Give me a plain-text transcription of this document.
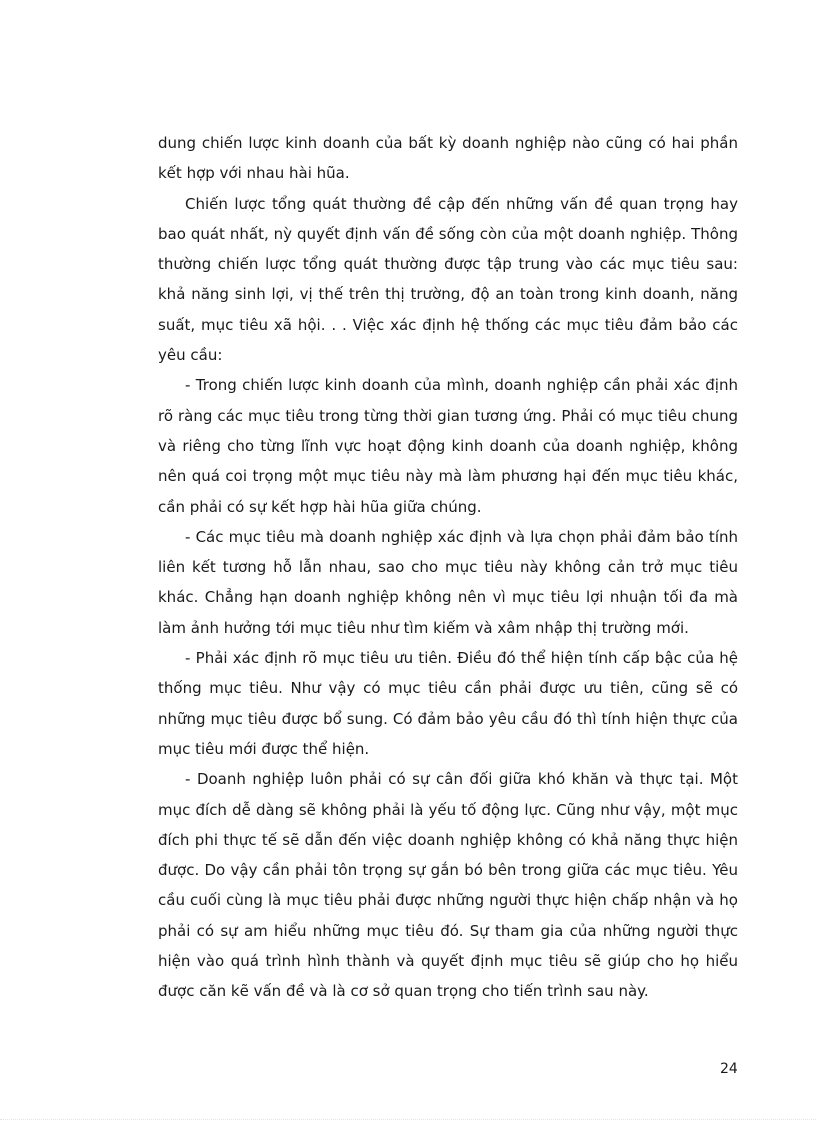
dung chiến lược kinh doanh của bất kỳ doanh nghiệp nào cũng có hai phần kết hợp với nhau hài hũa.

Chiến lược tổng quát thường đề cập đến những vấn đề quan trọng hay bao quát nhất, nỳ quyết định vấn đề sống còn của một doanh nghiệp. Thông thường chiến lược tổng quát thường được tập trung vào các mục tiêu sau: khả năng sinh lợi, vị thế trên thị trường, độ an toàn trong kinh doanh, năng suất, mục tiêu xã hội. . . Việc xác định hệ thống các mục tiêu đảm bảo các yêu cầu:

- Trong chiến lược kinh doanh của mình, doanh nghiệp cần phải xác định rõ ràng các mục tiêu trong từng thời gian tương ứng. Phải có mục tiêu chung và riêng cho từng lĩnh vực hoạt động kinh doanh của doanh nghiệp, không nên quá coi trọng một mục tiêu này mà làm phương hại đến mục tiêu khác, cần phải có sự kết hợp hài hũa giữa chúng.

- Các mục tiêu mà doanh nghiệp xác định và lựa chọn phải đảm bảo tính liên kết tương hỗ lẫn nhau, sao cho mục tiêu này không cản trở mục tiêu khác. Chẳng hạn doanh nghiệp không nên vì mục tiêu lợi nhuận tối đa mà làm ảnh hưởng tới mục tiêu như tìm kiếm và xâm nhập thị trường mới.

- Phải xác định rõ mục tiêu ưu tiên. Điều đó thể hiện tính cấp bậc của hệ thống mục tiêu. Như vậy có mục tiêu cần phải được ưu tiên, cũng sẽ có những mục tiêu được bổ sung. Có đảm bảo yêu cầu đó thì tính hiện thực của mục tiêu mới được thể hiện.

- Doanh nghiệp luôn phải có sự cân đối giữa khó khăn và thực tại. Một mục đích dễ dàng sẽ không phải là yếu tố động lực. Cũng như vậy, một mục đích phi thực tế sẽ dẫn đến việc doanh nghiệp không có khả năng thực hiện được. Do vậy cần phải tôn trọng sự gắn bó bên trong giữa các mục tiêu. Yêu cầu cuối cùng là mục tiêu phải được những người thực hiện chấp nhận và họ phải có sự am hiểu những mục tiêu đó. Sự tham gia của những người thực hiện vào quá trình hình thành và quyết định mục tiêu sẽ giúp cho họ hiểu được căn kẽ vấn đề và là cơ sở quan trọng cho tiến trình sau này.

24
